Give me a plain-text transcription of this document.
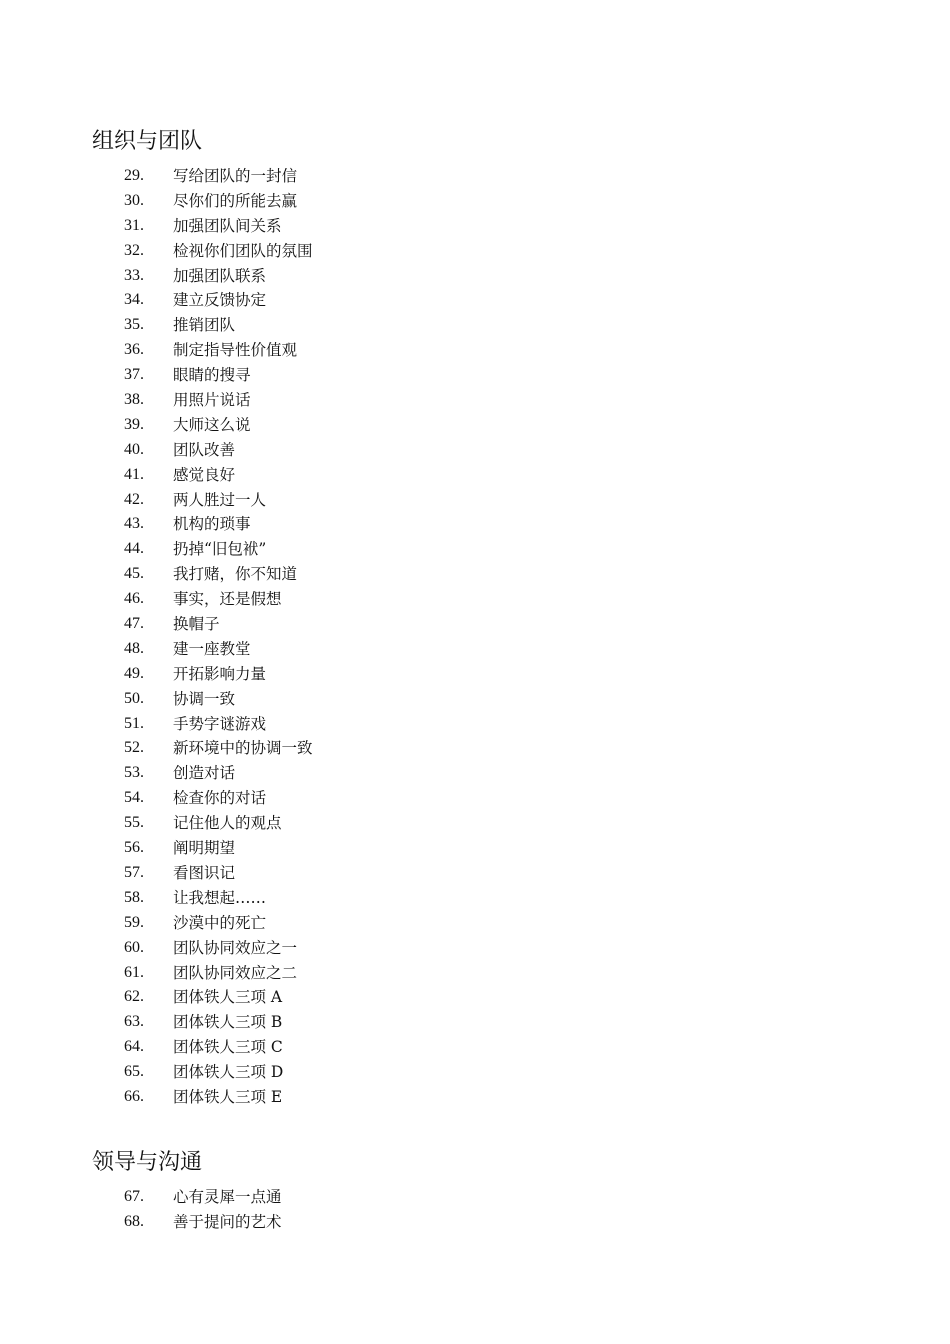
组织与团队
29. 写给团队的一封信
30. 尽你们的所能去赢
31. 加强团队间关系
32. 检视你们团队的氛围
33. 加强团队联系
34. 建立反馈协定
35. 推销团队
36. 制定指导性价值观
37. 眼睛的搜寻
38. 用照片说话
39. 大师这么说
40. 团队改善
41. 感觉良好
42. 两人胜过一人
43. 机构的琐事
44. 扔掉“旧包袱”
45. 我打赌，你不知道
46. 事实，还是假想
47. 换帽子
48. 建一座教堂
49. 开拓影响力量
50. 协调一致
51. 手势字谜游戏
52. 新环境中的协调一致
53. 创造对话
54. 检查你的对话
55. 记住他人的观点
56. 阐明期望
57. 看图识记
58. 让我想起……
59. 沙漠中的死亡
60. 团队协同效应之一
61. 团队协同效应之二
62. 团体铁人三项 A
63. 团体铁人三项 B
64. 团体铁人三项 C
65. 团体铁人三项 D
66. 团体铁人三项 E
领导与沟通
67. 心有灵犀一点通
68. 善于提问的艺术
